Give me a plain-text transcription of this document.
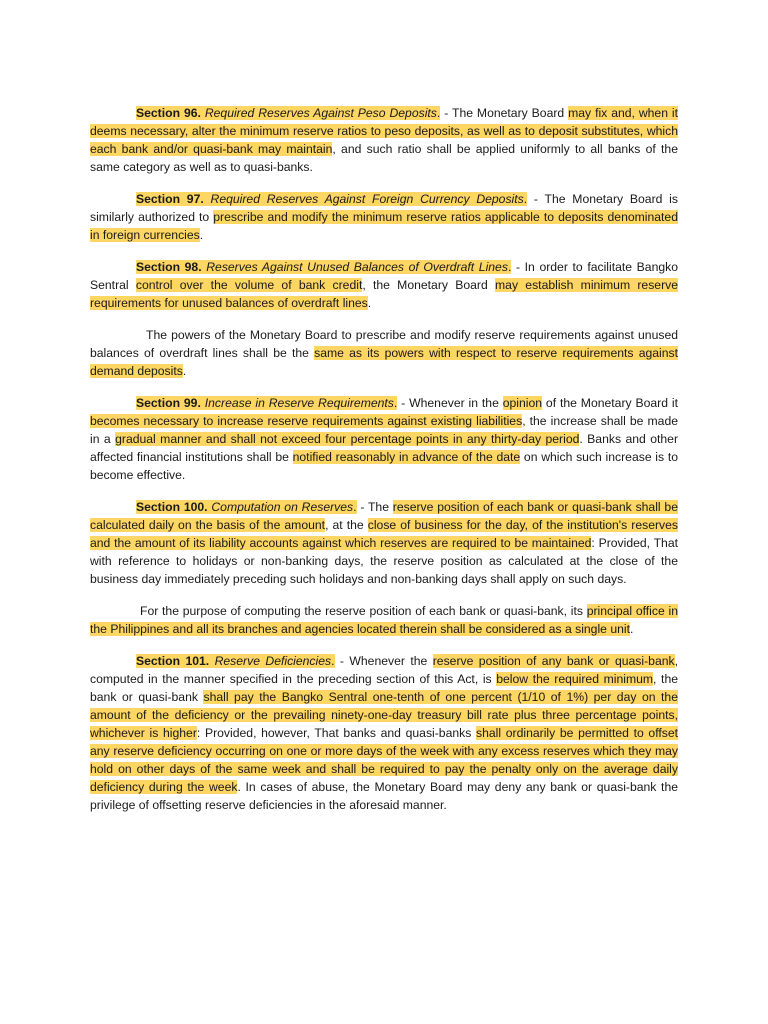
Section 96. Required Reserves Against Peso Deposits. - The Monetary Board may fix and, when it deems necessary, alter the minimum reserve ratios to peso deposits, as well as to deposit substitutes, which each bank and/or quasi-bank may maintain, and such ratio shall be applied uniformly to all banks of the same category as well as to quasi-banks.

Section 97. Required Reserves Against Foreign Currency Deposits. - The Monetary Board is similarly authorized to prescribe and modify the minimum reserve ratios applicable to deposits denominated in foreign currencies.

Section 98. Reserves Against Unused Balances of Overdraft Lines. - In order to facilitate Bangko Sentral control over the volume of bank credit, the Monetary Board may establish minimum reserve requirements for unused balances of overdraft lines.

The powers of the Monetary Board to prescribe and modify reserve requirements against unused balances of overdraft lines shall be the same as its powers with respect to reserve requirements against demand deposits.

Section 99. Increase in Reserve Requirements. - Whenever in the opinion of the Monetary Board it becomes necessary to increase reserve requirements against existing liabilities, the increase shall be made in a gradual manner and shall not exceed four percentage points in any thirty-day period. Banks and other affected financial institutions shall be notified reasonably in advance of the date on which such increase is to become effective.

Section 100. Computation on Reserves. - The reserve position of each bank or quasi-bank shall be calculated daily on the basis of the amount, at the close of business for the day, of the institution's reserves and the amount of its liability accounts against which reserves are required to be maintained: Provided, That with reference to holidays or non-banking days, the reserve position as calculated at the close of the business day immediately preceding such holidays and non-banking days shall apply on such days.

For the purpose of computing the reserve position of each bank or quasi-bank, its principal office in the Philippines and all its branches and agencies located therein shall be considered as a single unit.

Section 101. Reserve Deficiencies. - Whenever the reserve position of any bank or quasi-bank, computed in the manner specified in the preceding section of this Act, is below the required minimum, the bank or quasi-bank shall pay the Bangko Sentral one-tenth of one percent (1/10 of 1%) per day on the amount of the deficiency or the prevailing ninety-one-day treasury bill rate plus three percentage points, whichever is higher: Provided, however, That banks and quasi-banks shall ordinarily be permitted to offset any reserve deficiency occurring on one or more days of the week with any excess reserves which they may hold on other days of the same week and shall be required to pay the penalty only on the average daily deficiency during the week. In cases of abuse, the Monetary Board may deny any bank or quasi-bank the privilege of offsetting reserve deficiencies in the aforesaid manner.
